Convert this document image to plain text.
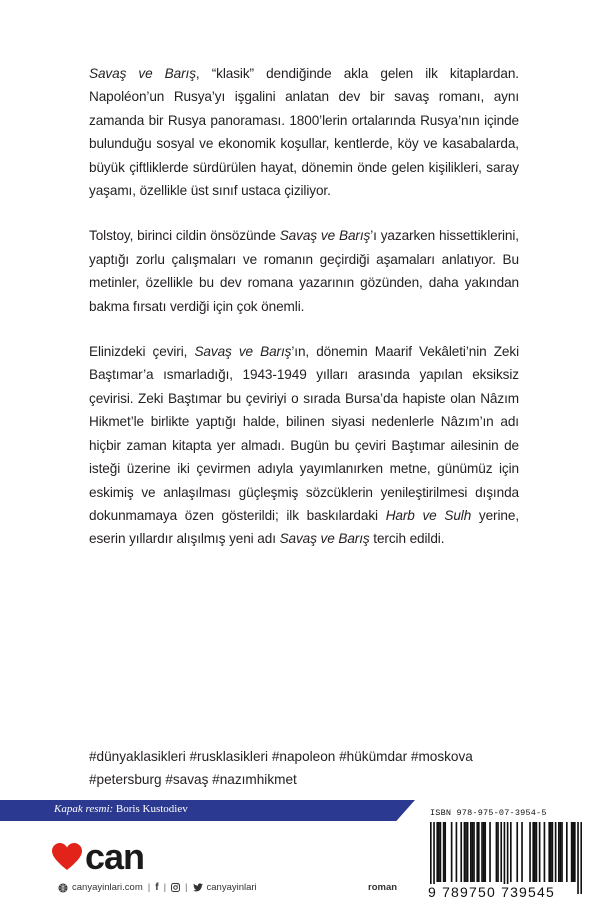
Savaş ve Barış, “klasik” dendiğinde akla gelen ilk kitaplardan. Napoléon’un Rusya’yı işgalini anlatan dev bir savaş romanı, aynı zamanda bir Rusya panoraması. 1800’lerin ortalarında Rusya’nın içinde bulunduğu sosyal ve ekonomik koşullar, kentlerde, köy ve kasabalarda, büyük çiftliklerde sürdürülen hayat, dönemin önde gelen kişilikleri, saray yaşamı, özellikle üst sınıf ustaca çiziliyor.

Tolstoy, birinci cildin önsözünde Savaş ve Barış’ı yazarken hissettiklerini, yaptığı zorlu çalışmaları ve romanın geçirdiği aşamaları anlatıyor. Bu metinler, özellikle bu dev romana yazarının gözünden, daha yakından bakma fırsatı verdiği için çok önemli.

Elinizdeki çeviri, Savaş ve Barış’ın, dönemin Maarif Vekâleti’nin Zeki Baştımar’a ısmarladığı, 1943-1949 yılları arasında yapılan eksiksiz çevirisi. Zeki Baştımar bu çeviriyi o sırada Bursa’da hapiste olan Nâzım Hikmet’le birlikte yaptığı halde, bilinen siyasi nedenlerle Nâzım’ın adı hiçbir zaman kitapta yer almadı. Bugün bu çeviri Baştımar ailesinin de isteği üzerine iki çevirmen adıyla yayımlanırken metne, günümüz için eskimiş ve anlaşılması güçleşmiş sözcüklerin yenileştirilmesi dışında dokunmamaya özen gösterildi; ilk baskılardaki Harb ve Sulh yerine, eserin yıllardır alışılmış yeni adı Savaş ve Barış tercih edildi.

#dünyaklasikleri #rusklasikleri #napoleon #hükümdar #moskova
#petersburg #savaş #nazımhikmet
Kapak resmi: Boris Kustodiev
can
canyayinlari.com | f | | canyayinlari	roman
ISBN 978-975-07-3954-5
9 789750 739545
